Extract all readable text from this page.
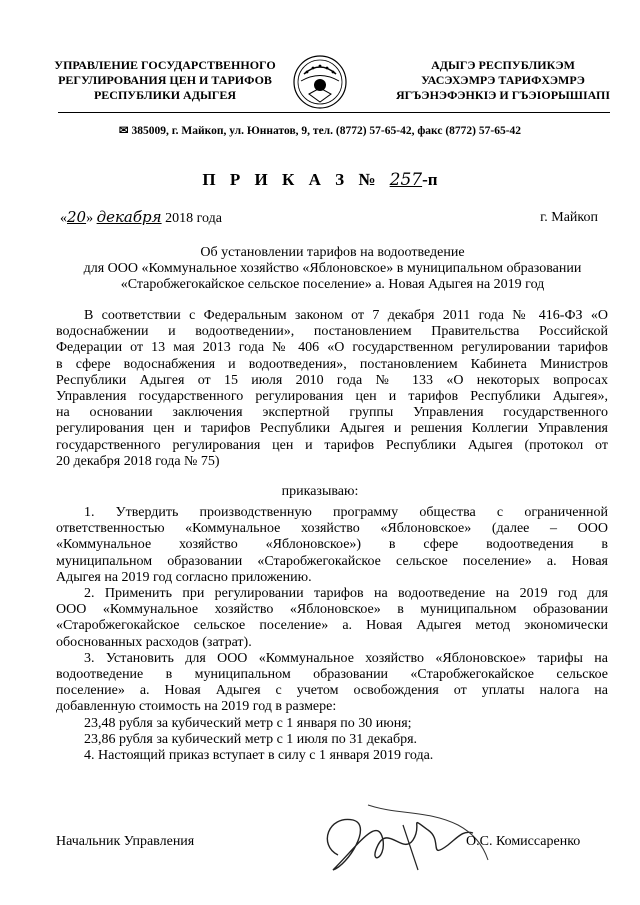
УПРАВЛЕНИЕ ГОСУДАРСТВЕННОГО
РЕГУЛИРОВАНИЯ ЦЕН И ТАРИФОВ
РЕСПУБЛИКИ АДЫГЕЯ
АДЫГЭ РЕСПУБЛИКЭМ
УАСЭХЭМРЭ ТАРИФХЭМРЭ
ЯГЪЭНЭФЭНКІЭ И ГЪЭІОРЫШІАПІ
✉ 385009, г. Майкоп, ул. Юннатов, 9, тел. (8772) 57-65-42, факс (8772) 57-65-42
П Р И К А З № 257-п
«20» декабря 2018 года	г. Майкоп
Об установлении тарифов на водоотведение
для ООО «Коммунальное хозяйство «Яблоновское» в муниципальном образовании
«Старобжегокайское сельское поселение» а. Новая Адыгея на 2019 год
В соответствии с Федеральным законом от 7 декабря 2011 года № 416-ФЗ «О
водоснабжении и водоотведении», постановлением Правительства Российской
Федерации от 13 мая 2013 года № 406 «О государственном регулировании тарифов
в сфере водоснабжения и водоотведения», постановлением Кабинета Министров
Республики Адыгея от 15 июля 2010 года № 133 «О некоторых вопросах
Управления государственного регулирования цен и тарифов Республики Адыгея»,
на основании заключения экспертной группы Управления государственного
регулирования цен и тарифов Республики Адыгея и решения Коллегии Управления
государственного регулирования цен и тарифов Республики Адыгея (протокол от
20 декабря 2018 года № 75)
приказываю:
1. Утвердить производственную программу общества с ограниченной
ответственностью «Коммунальное хозяйство «Яблоновское» (далее – ООО
«Коммунальное хозяйство «Яблоновское») в сфере водоотведения в
муниципальном образовании «Старобжегокайское сельское поселение» а. Новая
Адыгея на 2019 год согласно приложению.
2. Применить при регулировании тарифов на водоотведение на 2019 год для
ООО «Коммунальное хозяйство «Яблоновское» в муниципальном образовании
«Старобжегокайское сельское поселение» а. Новая Адыгея метод экономически
обоснованных расходов (затрат).
3. Установить для ООО «Коммунальное хозяйство «Яблоновское» тарифы на
водоотведение в муниципальном образовании «Старобжегокайское сельское
поселение» а. Новая Адыгея с учетом освобождения от уплаты налога на
добавленную стоимость на 2019 год в размере:
23,48 рубля за кубический метр с 1 января по 30 июня;
23,86 рубля за кубический метр с 1 июля по 31 декабря.
4. Настоящий приказ вступает в силу с 1 января 2019 года.
Начальник Управления	О.С. Комиссаренко
